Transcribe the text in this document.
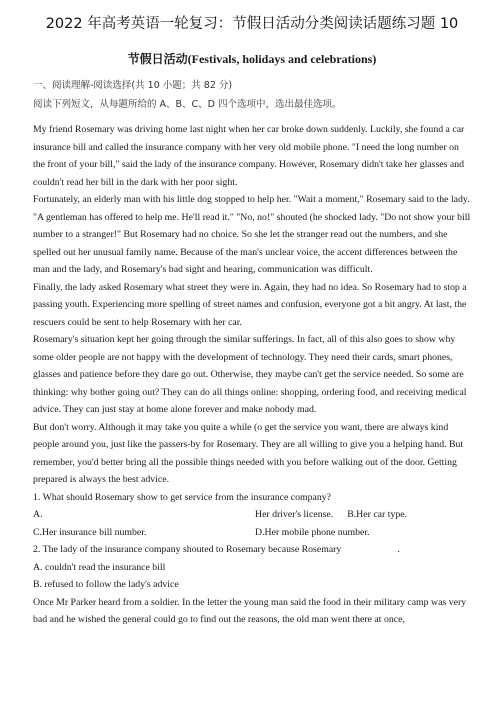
2022 年高考英语一轮复习：节假日活动分类阅读话题练习题 10
节假日活动(Festivals, holidays and celebrations)
一、阅读理解-阅读选择(共 10 小题；共 82 分)
阅读下列短文，从每题所给的 A、B、C、D 四个选项中，选出最佳选项。

My friend Rosemary was driving home last night when her car broke down suddenly. Luckily, she found a car insurance bill and called the insurance company with her very old mobile phone. "I need the long number on the front of your bill," said the lady of the insurance company. However, Rosemary didn't take her glasses and couldn't read her bill in the dark with her poor sight.

Fortunately, an elderly man with his little dog stopped to help her. "Wait a moment," Rosemary said to the lady. "A gentleman has offered to help me. He'll read it." "No, no!" shouted (he shocked lady. "Do not show your bill number to a stranger!" But Rosemary had no choice. So she let the stranger read out the numbers, and she spelled out her unusual family name. Because of the man's unclear voice, the accent differences between the man and the lady, and Rosemary's bad sight and hearing, communication was difficult.

Finally, the lady asked Rosemary what street they were in. Again, they had no idea. So Rosemary had to stop a passing youth. Experiencing more spelling of street names and confusion, everyone got a bit angry. At last, the rescuers could be sent to help Rosemary with her car.

Rosemary's situation kept her going through the similar sufferings. In fact, all of this also goes to show why some older people are not happy with the development of technology. They need their cards, smart phones, glasses and patience before they dare go out. Otherwise, they maybe can't get the service needed. So some are thinking: why bother going out? They can do all things online: shopping, ordering food, and receiving medical advice. They can just stay at home alone forever and make nobody mad.

But don't worry. Although it may take you quite a while (o get the service you want, there are always kind people around you, just like the passers-by for Rosemary. They are all willing to give you a helping hand. But remember, you'd better bring all the possible things needed with you before walking out of the door. Getting prepared is always the best advice.

1. What should Rosemary show to get service from the insurance company?

A.	Her driver's license. B.Her car type.
C.Her insurance bill number.	D.Her mobile phone number.

2. The lady of the insurance company shouted to Rosemary because Rosemary	.

A. couldn't read the insurance bill

B. refused to follow the lady's advice

Once Mr Parker heard from a soldier. In the letter the young man said the food in their military camp was very bad and he wished the general could go to find out the reasons, the old man went there at once,
